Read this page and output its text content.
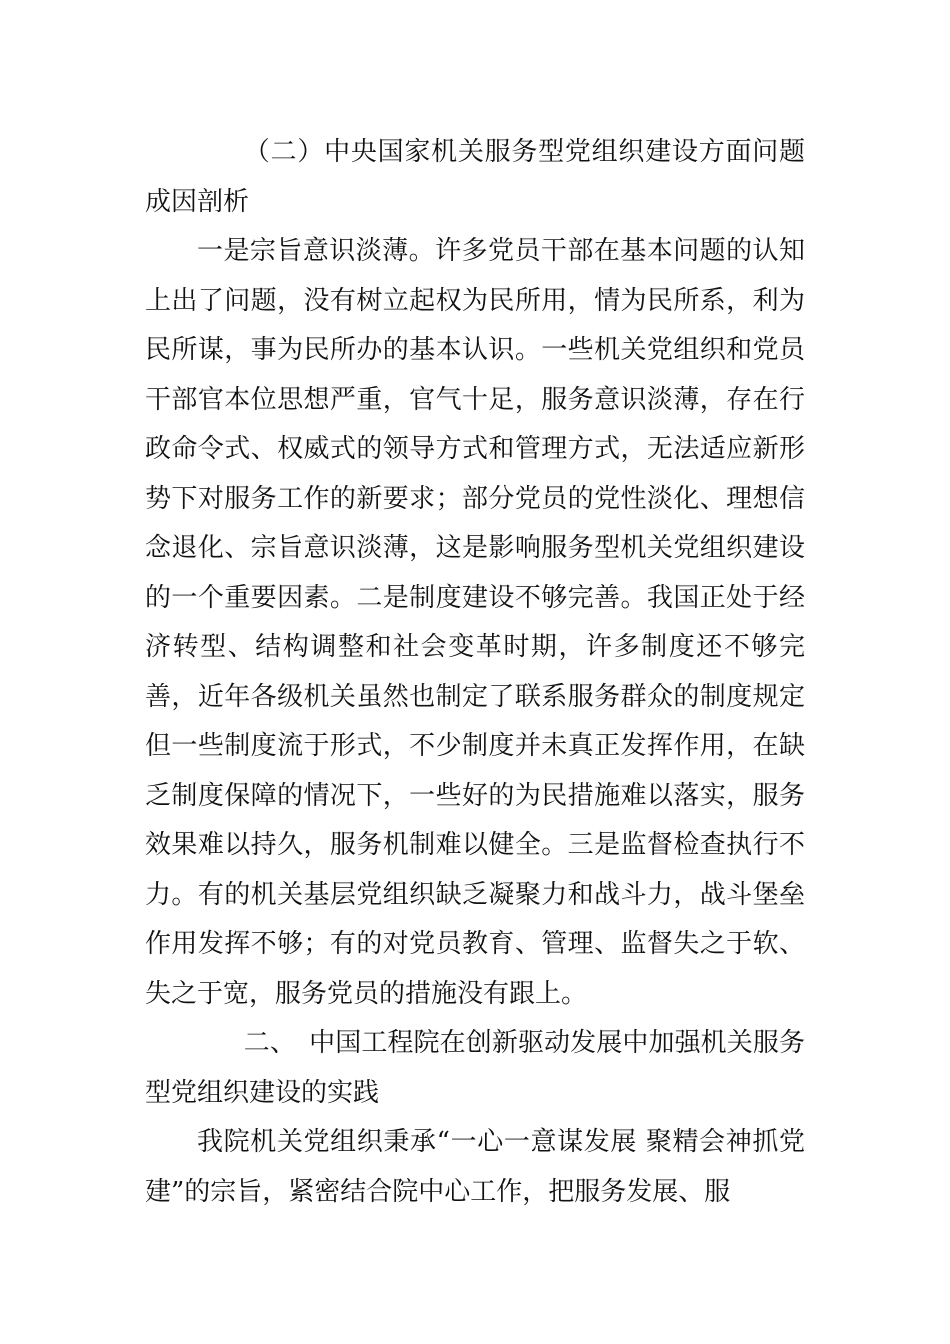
（二）中央国家机关服务型党组织建设方面问题成因剖析

一是宗旨意识淡薄。许多党员干部在基本问题的认知上出了问题，没有树立起权为民所用，情为民所系，利为民所谋，事为民所办的基本认识。一些机关党组织和党员干部官本位思想严重，官气十足，服务意识淡薄，存在行政命令式、权威式的领导方式和管理方式，无法适应新形势下对服务工作的新要求；部分党员的党性淡化、理想信念退化、宗旨意识淡薄，这是影响服务型机关党组织建设的一个重要因素。二是制度建设不够完善。我国正处于经济转型、结构调整和社会变革时期，许多制度还不够完善，近年各级机关虽然也制定了联系服务群众的制度规定但一些制度流于形式，不少制度并未真正发挥作用，在缺乏制度保障的情况下，一些好的为民措施难以落实，服务效果难以持久，服务机制难以健全。三是监督检查执行不力。有的机关基层党组织缺乏凝聚力和战斗力，战斗堡垒作用发挥不够；有的对党员教育、管理、监督失之于软、失之于宽，服务党员的措施没有跟上。

二、　中国工程院在创新驱动发展中加强机关服务型党组织建设的实践

我院机关党组织秉承“一心一意谋发展 聚精会神抓党建”的宗旨，紧密结合院中心工作，把服务发展、服
